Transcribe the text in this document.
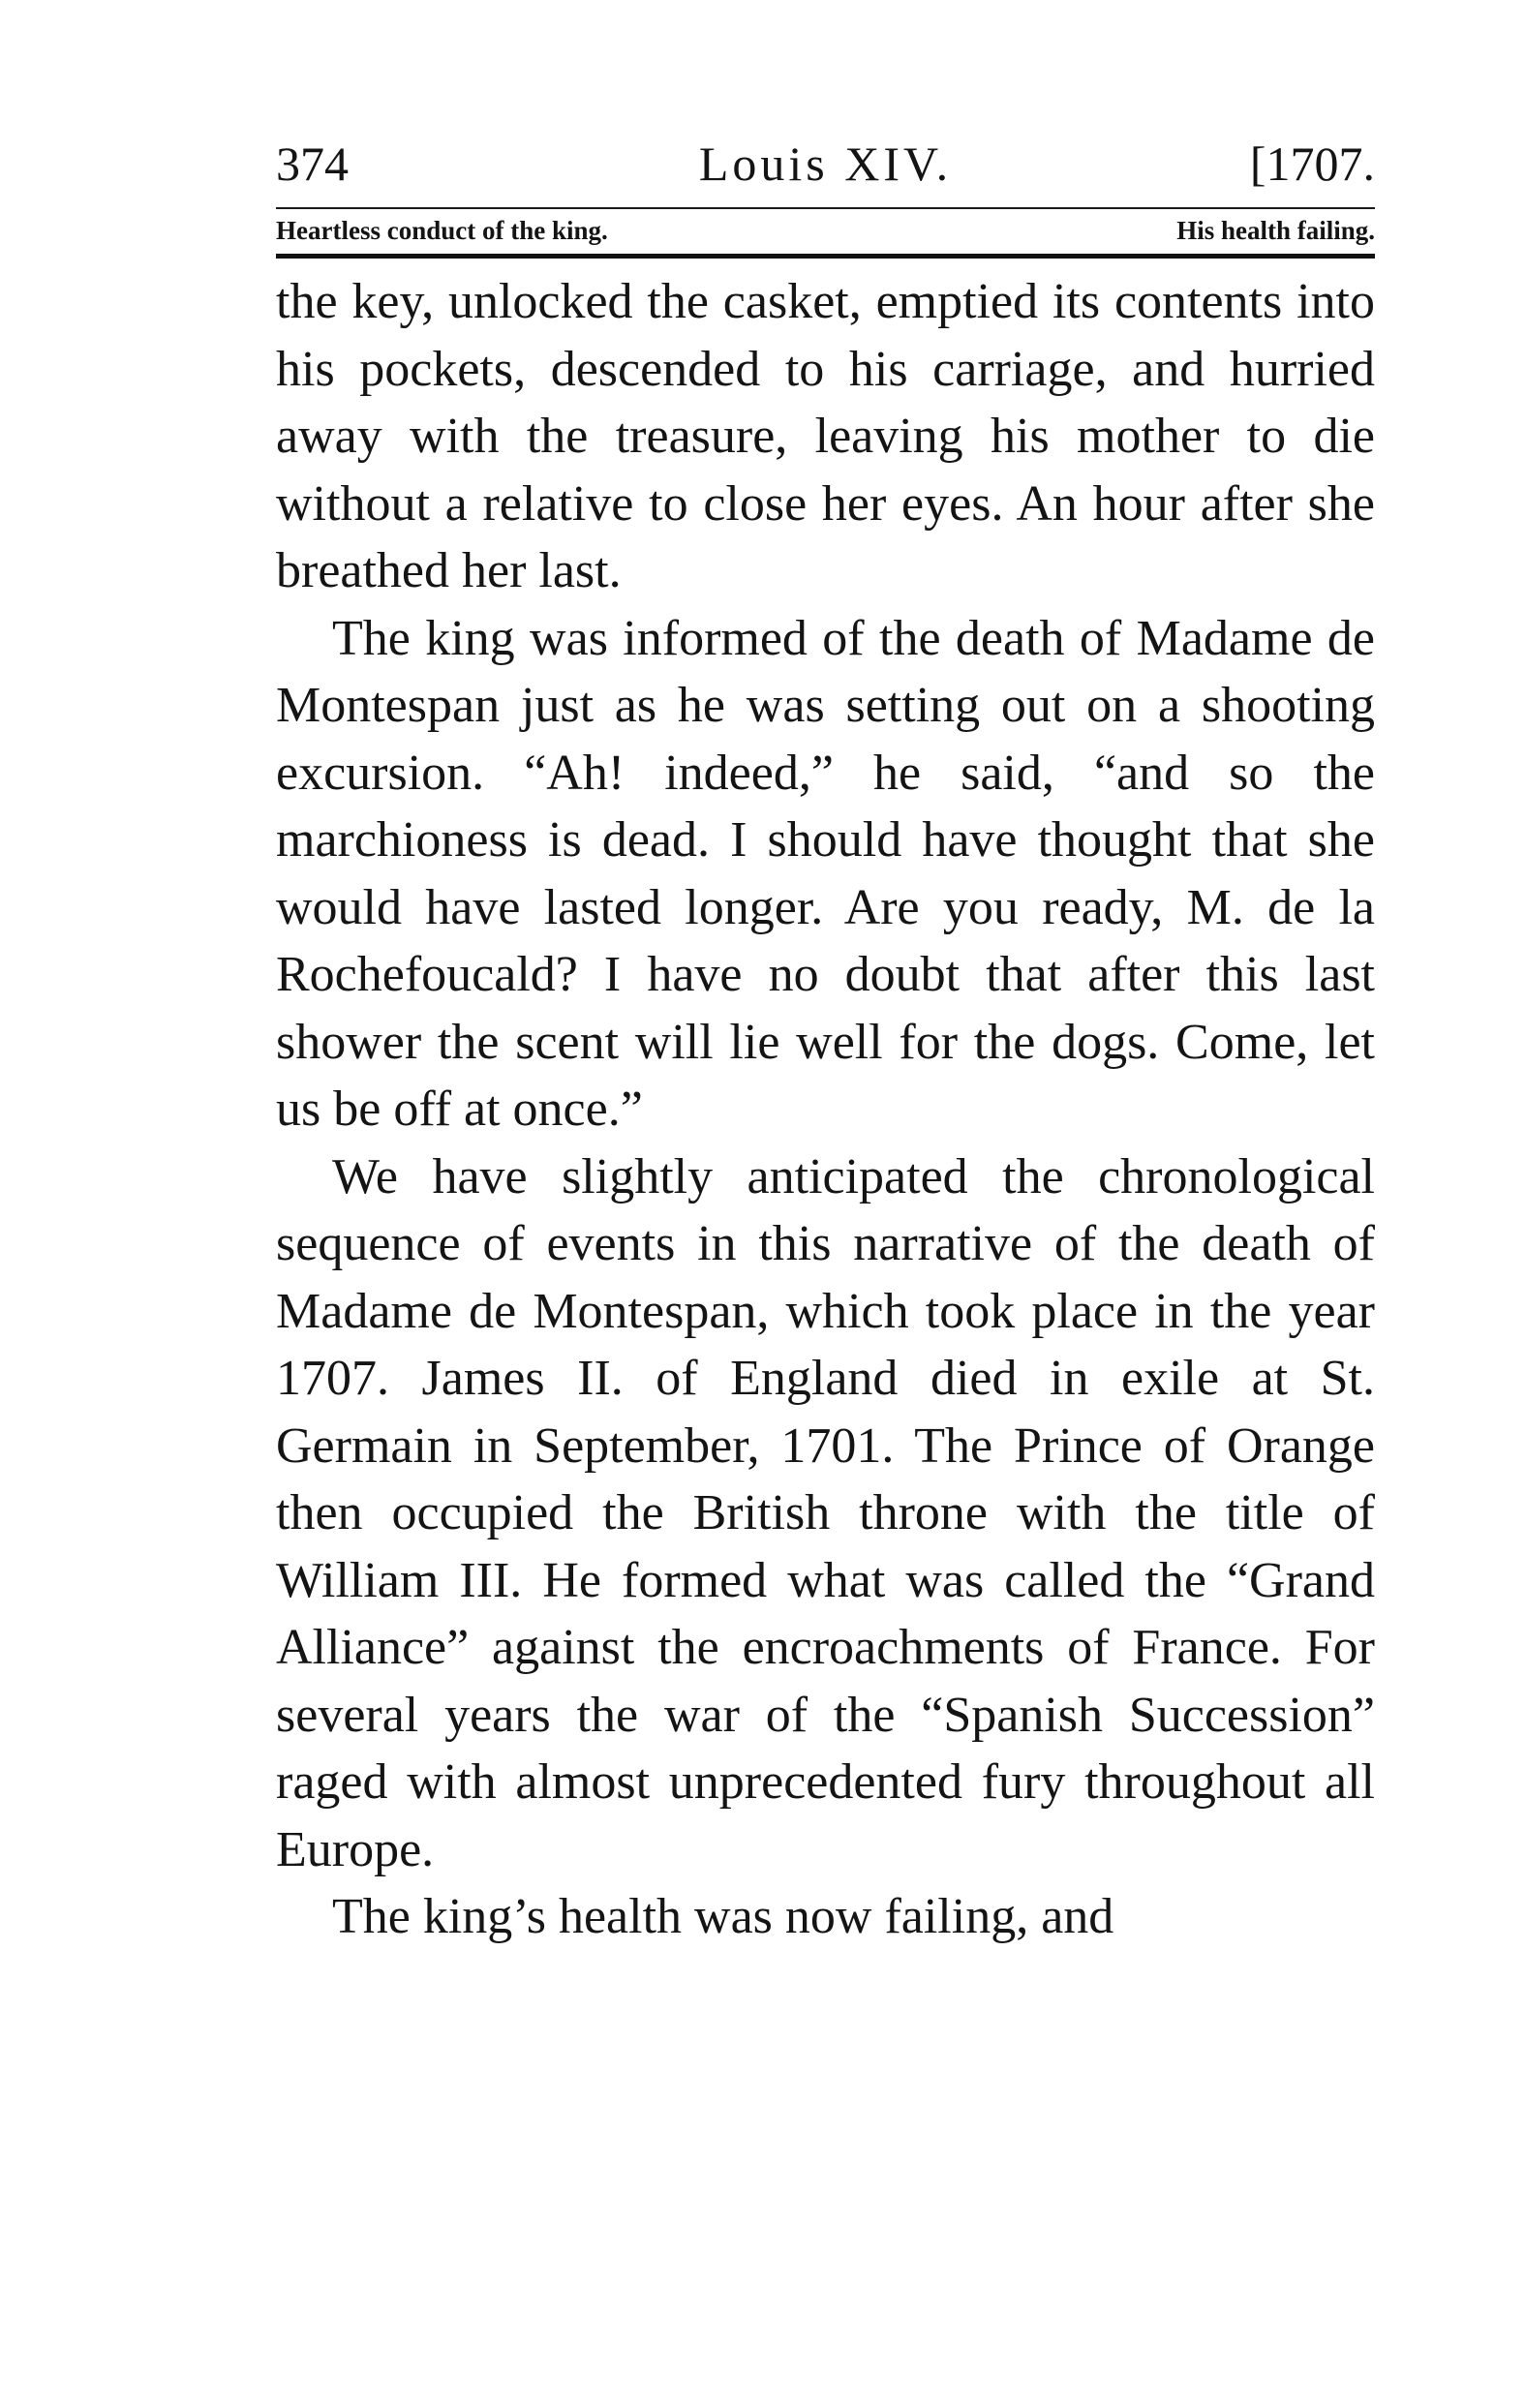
374	Louis XIV.	[1707.
Heartless conduct of the king.	His health failing.

the key, unlocked the casket, emptied its contents into his pockets, descended to his carriage, and hurried away with the treasure, leaving his mother to die without a relative to close her eyes. An hour after she breathed her last.

The king was informed of the death of Madame de Montespan just as he was setting out on a shooting excursion. “Ah! indeed,” he said, “and so the marchioness is dead. I should have thought that she would have lasted longer. Are you ready, M. de la Rochefoucald? I have no doubt that after this last shower the scent will lie well for the dogs. Come, let us be off at once.”

We have slightly anticipated the chronological sequence of events in this narrative of the death of Madame de Montespan, which took place in the year 1707. James II. of England died in exile at St. Germain in September, 1701. The Prince of Orange then occupied the British throne with the title of William III. He formed what was called the “Grand Alliance” against the encroachments of France. For several years the war of the “Spanish Succession” raged with almost unprecedented fury throughout all Europe.

The king’s health was now failing, and
